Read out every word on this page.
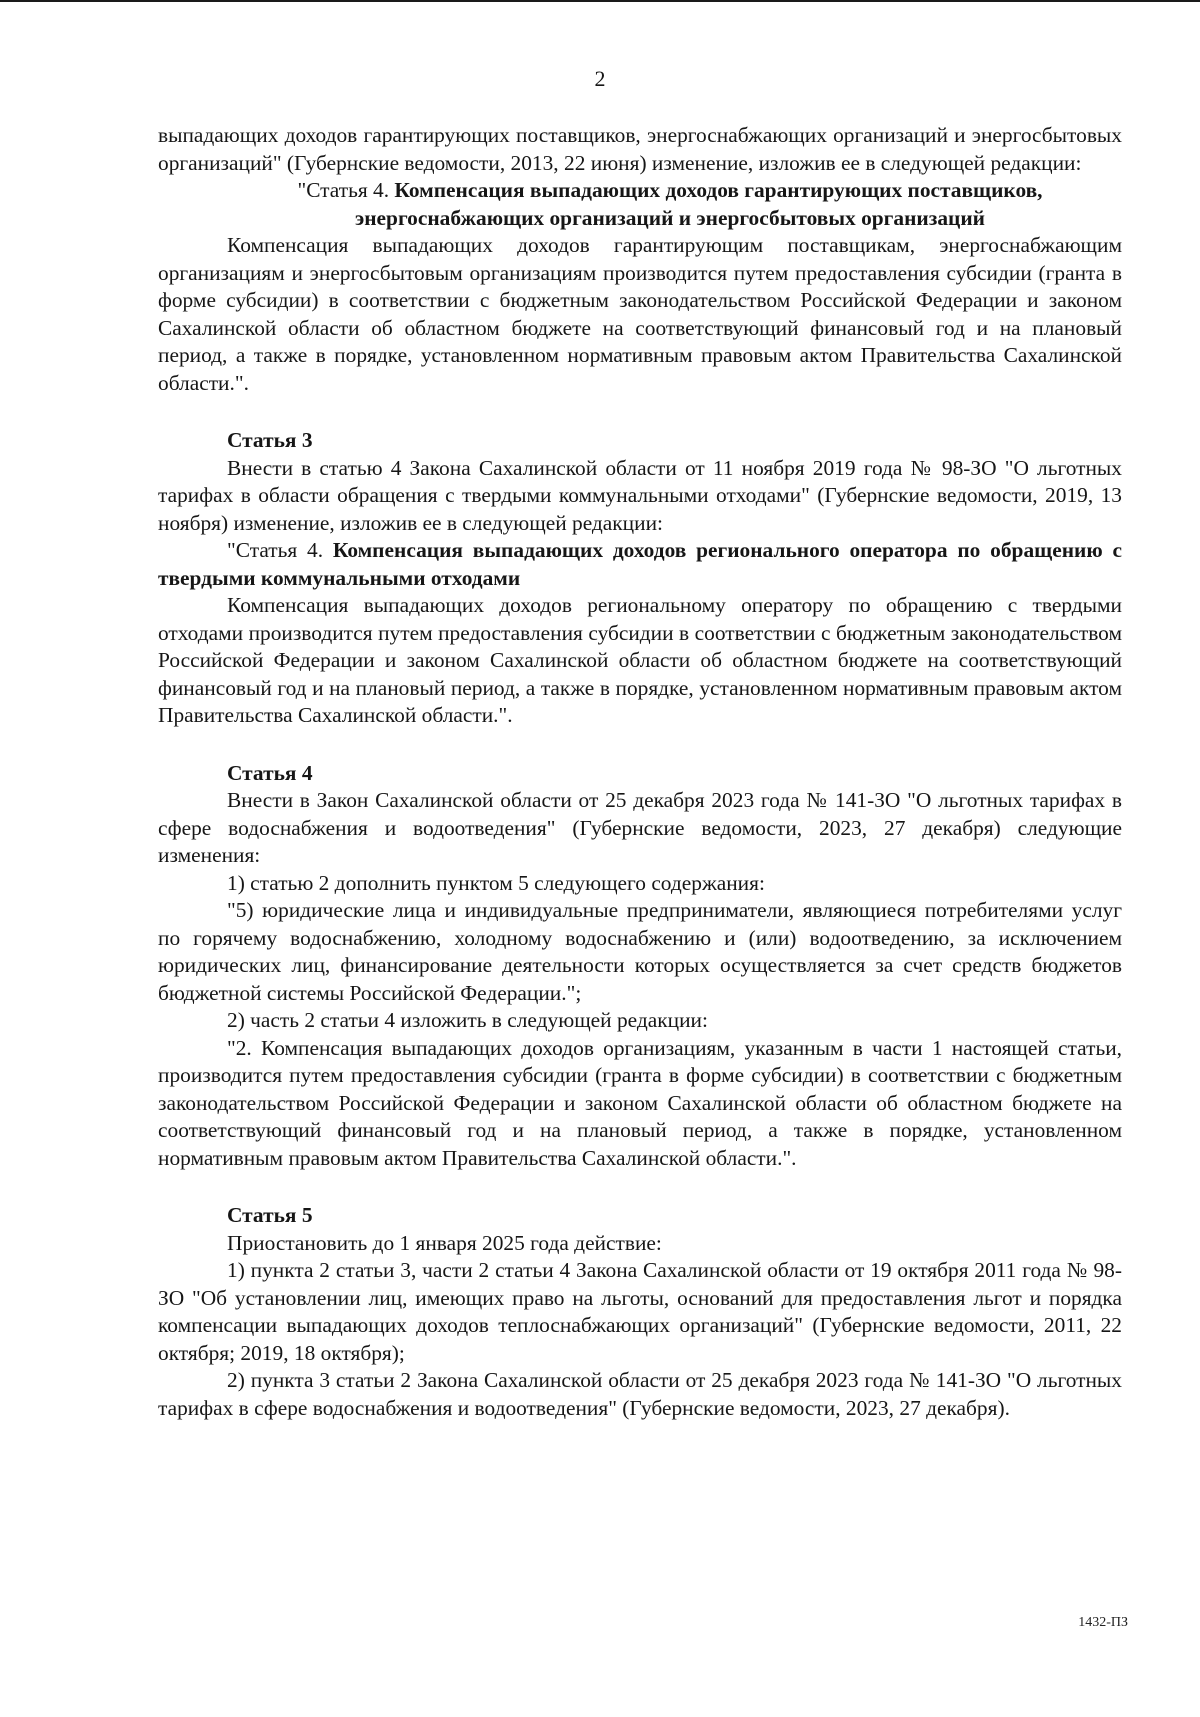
2

выпадающих доходов гарантирующих поставщиков, энергоснабжающих организаций и энергосбытовых организаций" (Губернские ведомости, 2013, 22 июня) изменение, изложив ее в следующей редакции:

"Статья 4. Компенсация выпадающих доходов гарантирующих поставщиков, энергоснабжающих организаций и энергосбытовых организаций

Компенсация выпадающих доходов гарантирующим поставщикам, энергоснабжающим организациям и энергосбытовым организациям производится путем предоставления субсидии (гранта в форме субсидии) в соответствии с бюджетным законодательством Российской Федерации и законом Сахалинской области об областном бюджете на соответствующий финансовый год и на плановый период, а также в порядке, установленном нормативным правовым актом Правительства Сахалинской области.".

Статья 3

Внести в статью 4 Закона Сахалинской области от 11 ноября 2019 года № 98-ЗО "О льготных тарифах в области обращения с твердыми коммунальными отходами" (Губернские ведомости, 2019, 13 ноября) изменение, изложив ее в следующей редакции:

"Статья 4. Компенсация выпадающих доходов регионального оператора по обращению с твердыми коммунальными отходами

Компенсация выпадающих доходов региональному оператору по обращению с твердыми отходами производится путем предоставления субсидии в соответствии с бюджетным законодательством Российской Федерации и законом Сахалинской области об областном бюджете на соответствующий финансовый год и на плановый период, а также в порядке, установленном нормативным правовым актом Правительства Сахалинской области.".

Статья 4

Внести в Закон Сахалинской области от 25 декабря 2023 года № 141-ЗО "О льготных тарифах в сфере водоснабжения и водоотведения" (Губернские ведомости, 2023, 27 декабря) следующие изменения:

1) статью 2 дополнить пунктом 5 следующего содержания:

"5) юридические лица и индивидуальные предприниматели, являющиеся потребителями услуг по горячему водоснабжению, холодному водоснабжению и (или) водоотведению, за исключением юридических лиц, финансирование деятельности которых осуществляется за счет средств бюджетов бюджетной системы Российской Федерации.";

2) часть 2 статьи 4 изложить в следующей редакции:

"2. Компенсация выпадающих доходов организациям, указанным в части 1 настоящей статьи, производится путем предоставления субсидии (гранта в форме субсидии) в соответствии с бюджетным законодательством Российской Федерации и законом Сахалинской области об областном бюджете на соответствующий финансовый год и на плановый период, а также в порядке, установленном нормативным правовым актом Правительства Сахалинской области.".

Статья 5

Приостановить до 1 января 2025 года действие:

1) пункта 2 статьи 3, части 2 статьи 4 Закона Сахалинской области от 19 октября 2011 года № 98-ЗО "Об установлении лиц, имеющих право на льготы, оснований для предоставления льгот и порядка компенсации выпадающих доходов теплоснабжающих организаций" (Губернские ведомости, 2011, 22 октября; 2019, 18 октября);

2) пункта 3 статьи 2 Закона Сахалинской области от 25 декабря 2023 года № 141-ЗО "О льготных тарифах в сфере водоснабжения и водоотведения" (Губернские ведомости, 2023, 27 декабря).

1432-ПЗ
